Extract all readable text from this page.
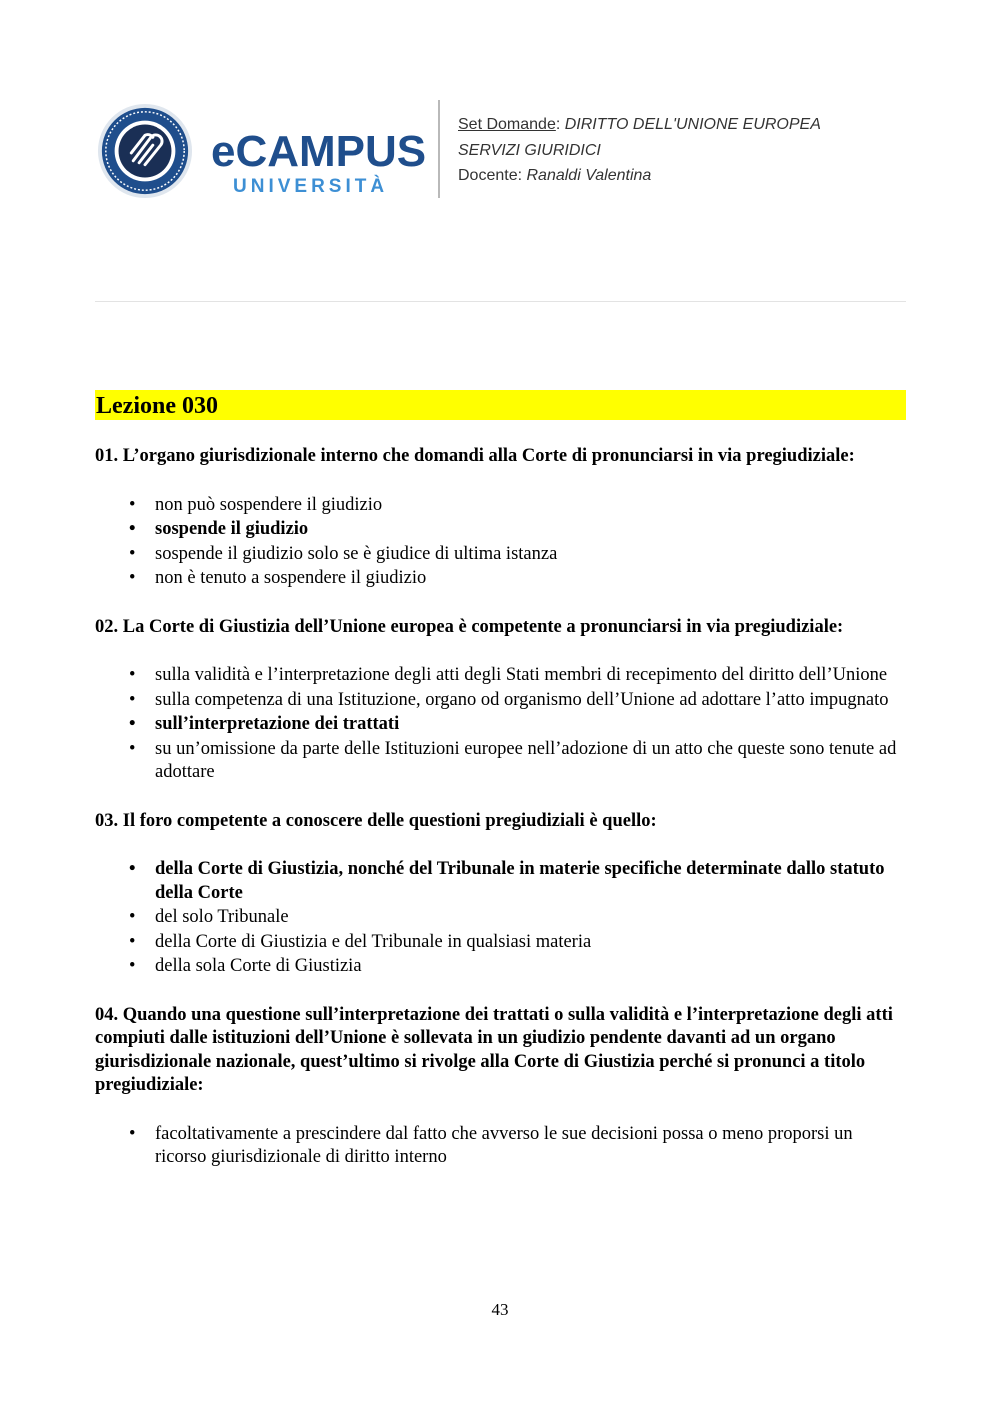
eCAMPUS
UNIVERSITÀ
Set Domande: DIRITTO DELL'UNIONE EUROPEA
SERVIZI GIURIDICI
Docente: Ranaldi Valentina
Lezione 030

01. L’organo giurisdizionale interno che domandi alla Corte di pronunciarsi in via pregiudiziale:

• non può sospendere il giudizio
• sospende il giudizio
• sospende il giudizio solo se è giudice di ultima istanza
• non è tenuto a sospendere il giudizio

02. La Corte di Giustizia dell’Unione europea è competente a pronunciarsi in via pregiudiziale:

• sulla validità e l’interpretazione degli atti degli Stati membri di recepimento del diritto dell’Unione
• sulla competenza di una Istituzione, organo od organismo dell’Unione ad adottare l’atto impugnato
• sull’interpretazione dei trattati
• su un’omissione da parte delle Istituzioni europee nell’adozione di un atto che queste sono tenute ad adottare

03. Il foro competente a conoscere delle questioni pregiudiziali è quello:

• della Corte di Giustizia, nonché del Tribunale in materie specifiche determinate dallo statuto della Corte
• del solo Tribunale
• della Corte di Giustizia e del Tribunale in qualsiasi materia
• della sola Corte di Giustizia

04. Quando una questione sull’interpretazione dei trattati o sulla validità e l’interpretazione degli atti compiuti dalle istituzioni dell’Unione è sollevata in un giudizio pendente davanti ad un organo giurisdizionale nazionale, quest’ultimo si rivolge alla Corte di Giustizia perché si pronunci a titolo pregiudiziale:

• facoltativamente a prescindere dal fatto che avverso le sue decisioni possa o meno proporsi un ricorso giurisdizionale di diritto interno
43
